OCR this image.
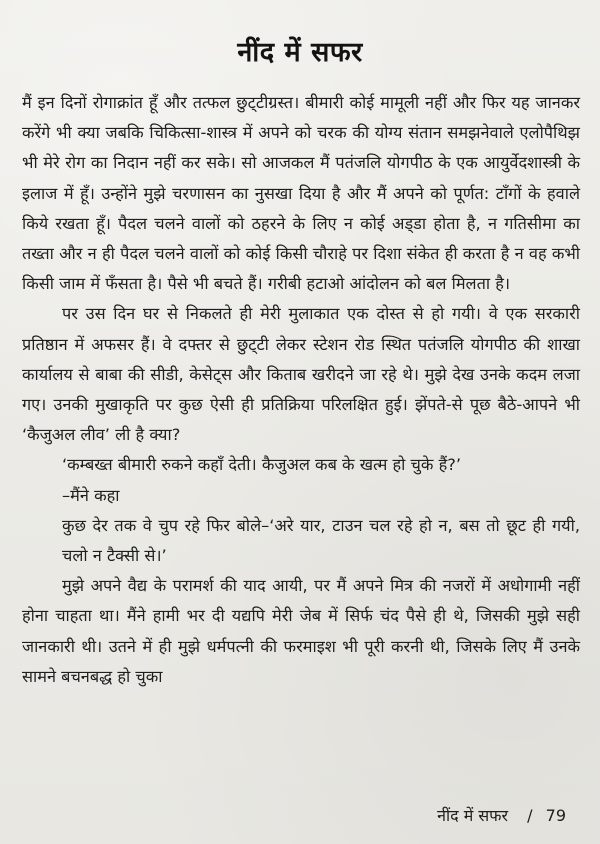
नींद में सफर

मैं इन दिनों रोगाक्रांत हूँ और तत्फल छुट्‌टीग्रस्त। बीमारी कोई मामूली नहीं और फिर यह जानकर करेंगे भी क्या जबकि चिकित्सा-शास्त्र में अपने को चरक की योग्य संतान समझनेवाले एलोपैथिझ भी मेरे रोग का निदान नहीं कर सके। सो आजकल मैं पतंजलि योगपीठ के एक आयुर्वेदशास्त्री के इलाज में हूँ। उन्होंने मुझे चरणासन का नुसखा दिया है और मैं अपने को पूर्णत: टाँगों के हवाले किये रखता हूँ। पैदल चलने वालों को ठहरने के लिए न कोई अड्‌डा होता है, न गतिसीमा का तख्ता और न ही पैदल चलने वालों को कोई किसी चौराहे पर दिशा संकेत ही करता है न वह कभी किसी जाम में फँसता है। पैसे भी बचते हैं। गरीबी हटाओ आंदोलन को बल मिलता है।

पर उस दिन घर से निकलते ही मेरी मुलाकात एक दोस्त से हो गयी। वे एक सरकारी प्रतिष्ठान में अफसर हैं। वे दफ्तर से छुट्‌टी लेकर स्टेशन रोड स्थित पतंजलि योगपीठ की शाखा कार्यालय से बाबा की सीडी, केसेट्स और किताब खरीदने जा रहे थे। मुझे देख उनके कदम लजा गए। उनकी मुखाकृति पर कुछ ऐसी ही प्रतिक्रिया परिलक्षित हुई। झेंपते-से पूछ बैठे-आपने भी ‘कैजुअल लीव’ ली है क्या?

‘कम्बख्त बीमारी रुकने कहाँ देती। कैजुअल कब के खत्म हो चुके हैं?’

–मैंने कहा

कुछ देर तक वे चुप रहे फिर बोले–‘अरे यार, टाउन चल रहे हो न, बस तो छूट ही गयी, चलो न टैक्सी से।’

मुझे अपने वैद्य के परामर्श की याद आयी, पर मैं अपने मित्र की नजरों में अधोगामी नहीं होना चाहता था। मैंने हामी भर दी यद्यपि मेरी जेब में सिर्फ चंद पैसे ही थे, जिसकी मुझे सही जानकारी थी। उतने में ही मुझे धर्मपत्नी की फरमाइश भी पूरी करनी थी, जिसके लिए मैं उनके सामने बचनबद्ध हो चुका

नींद में सफर / 79
